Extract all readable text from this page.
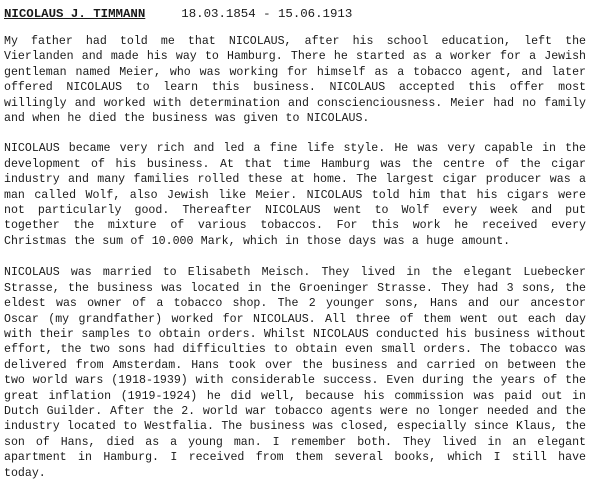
NICOLAUS J. TIMMANN	18.03.1854 - 15.06.1913

My father had told me that NICOLAUS, after his school education, left the Vierlanden and made his way to Hamburg. There he started as a worker for a Jewish gentleman named Meier, who was working for himself as a tobacco agent, and later offered NICOLAUS to learn this business. NICOLAUS accepted this offer most willingly and worked with determination and conscienciousness. Meier had no family and when he died the business was given to NICOLAUS.

NICOLAUS became very rich and led a fine life style. He was very capable in the development of his business. At that time Hamburg was the centre of the cigar industry and many families rolled these at home. The largest cigar producer was a man called Wolf, also Jewish like Meier. NICOLAUS told him that his cigars were not particularly good. Thereafter NICOLAUS went to Wolf every week and put together the mixture of various tobaccos. For this work he received every Christmas the sum of 10.000 Mark, which in those days was a huge amount.

NICOLAUS was married to Elisabeth Meisch. They lived in the elegant Luebecker Strasse, the business was located in the Groeninger Strasse. They had 3 sons, the eldest was owner of a tobacco shop. The 2 younger sons, Hans and our ancestor Oscar (my grandfather) worked for NICOLAUS. All three of them went out each day with their samples to obtain orders. Whilst NICOLAUS conducted his business without effort, the two sons had difficulties to obtain even small orders. The tobacco was delivered from Amsterdam. Hans took over the business and carried on between the two world wars (1918-1939) with considerable success. Even during the years of the great inflation (1919-1924) he did well, because his commission was paid out in Dutch Guilder. After the 2. world war tobacco agents were no longer needed and the industry located to Westfalia. The business was closed, especially since Klaus, the son of Hans, died as a young man. I remember both. They lived in an elegant apartment in Hamburg. I received from them several books, which I still have today.
